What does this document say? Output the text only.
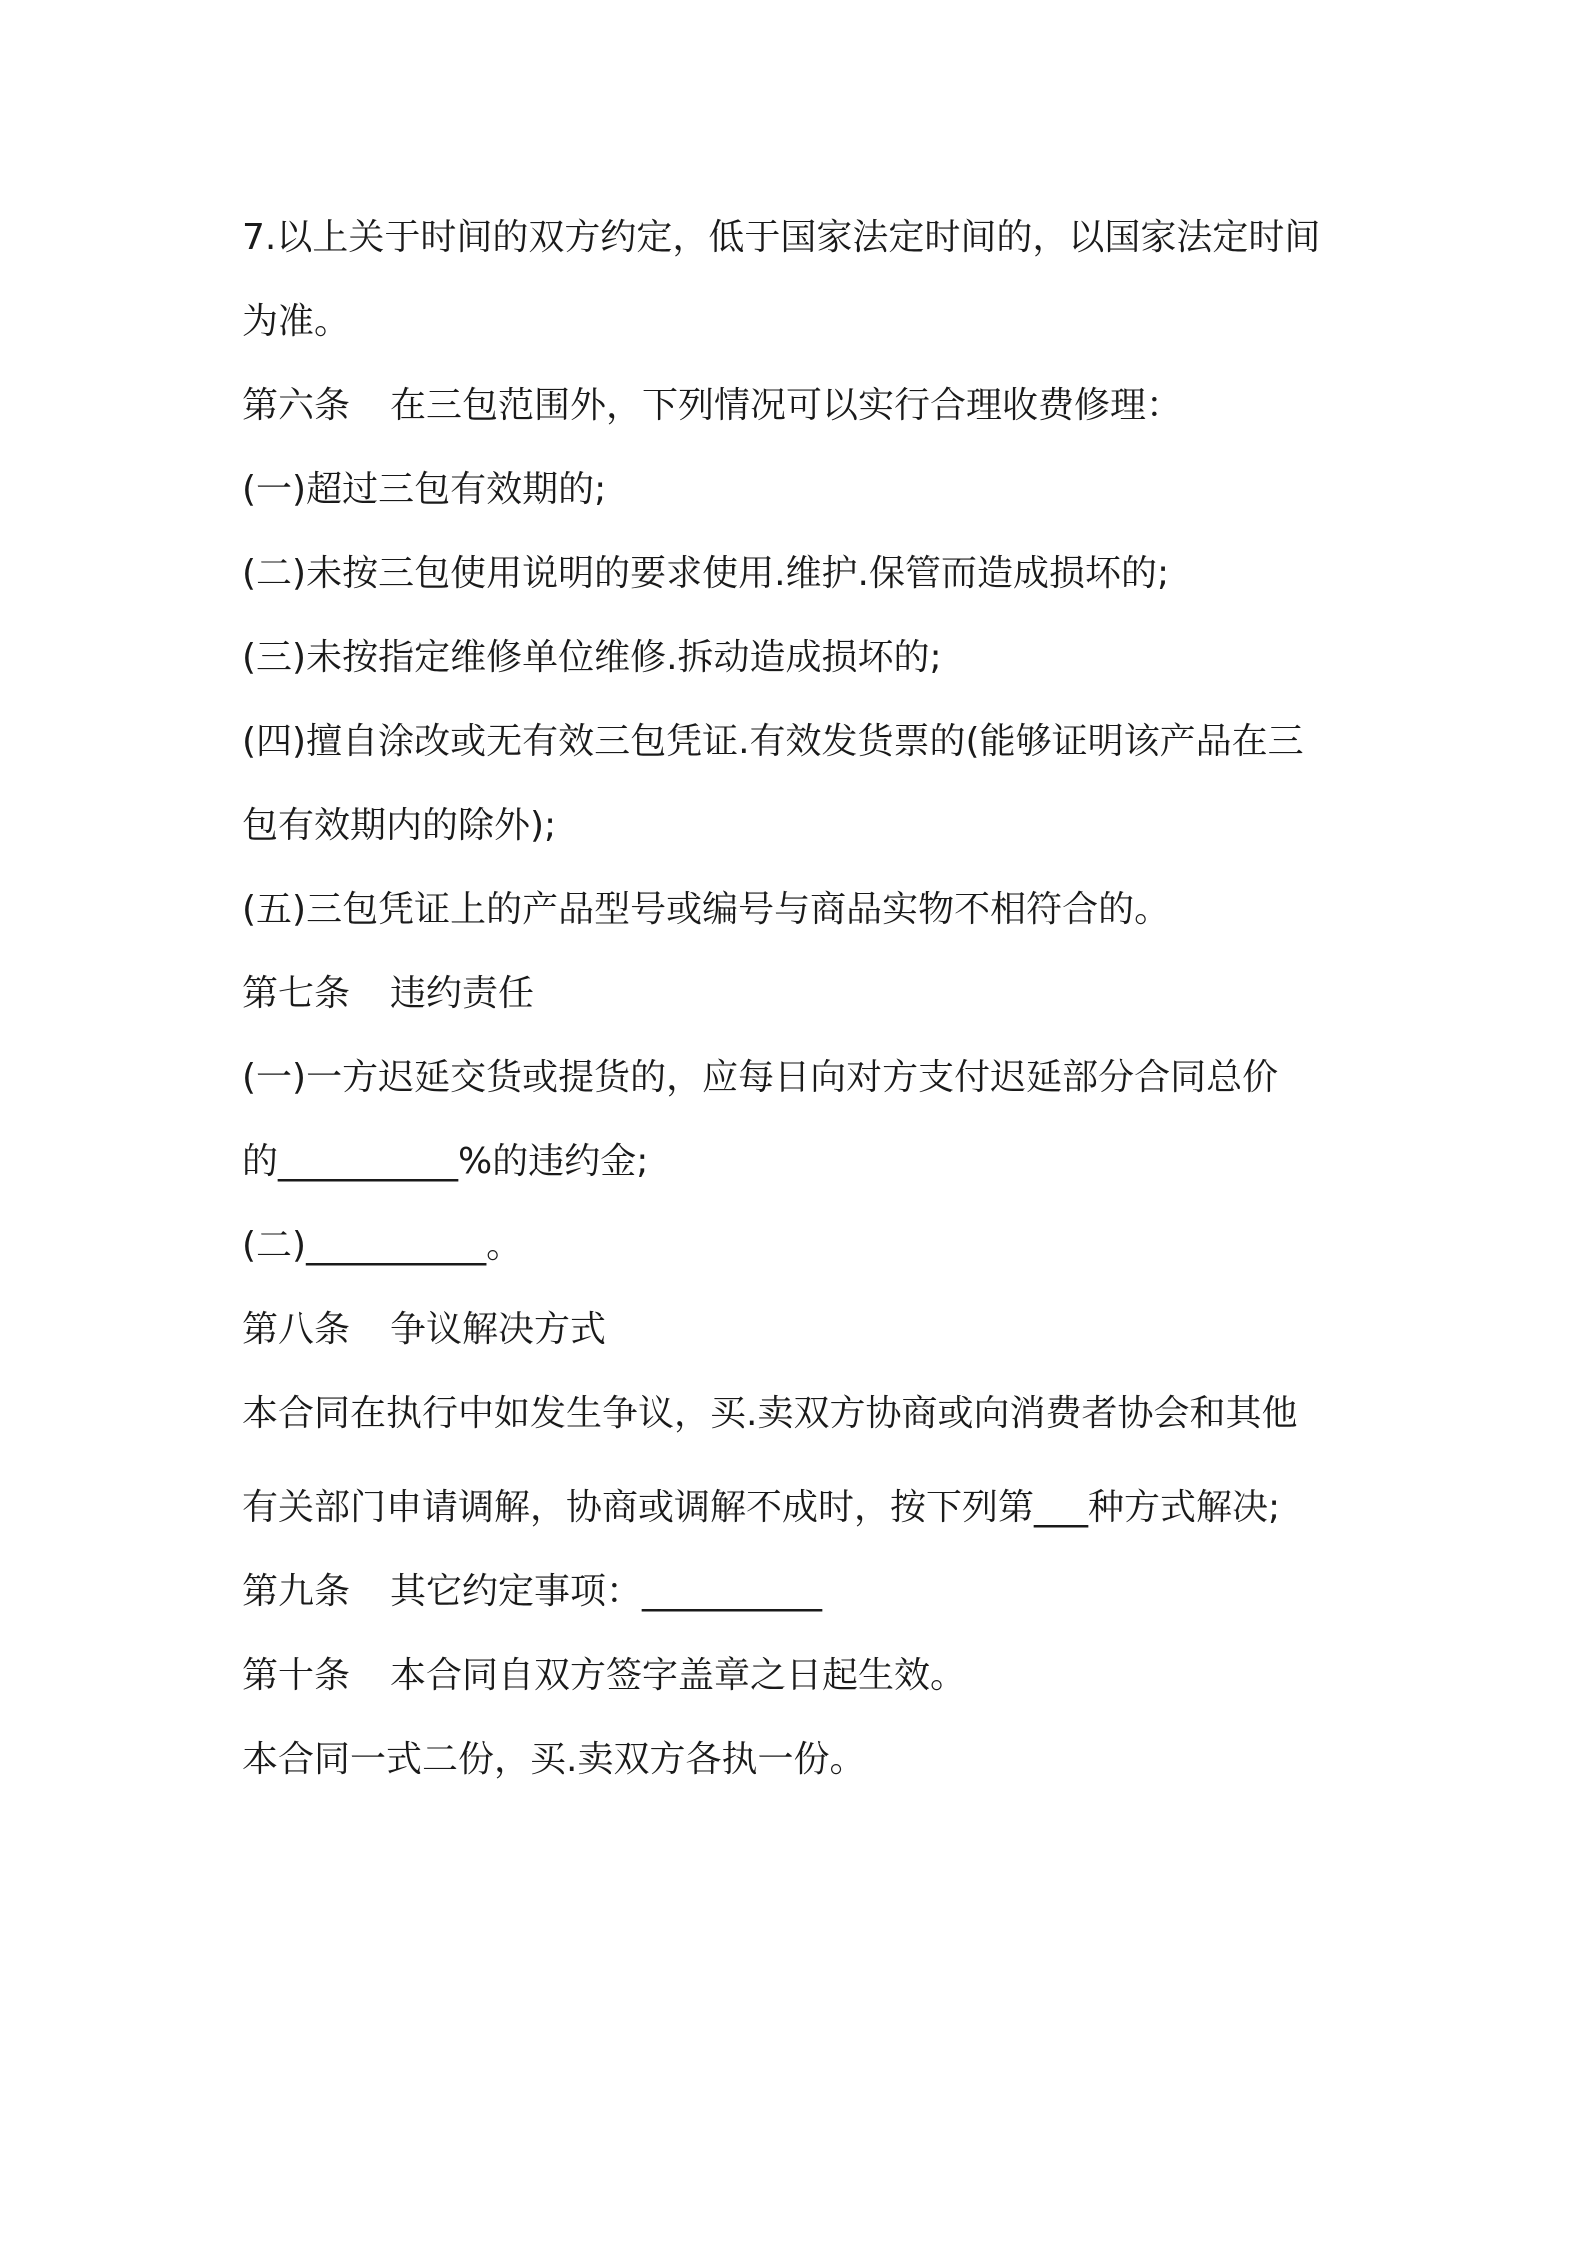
7.以上关于时间的双方约定，低于国家法定时间的，以国家法定时间
为准。
第六条 在三包范围外，下列情况可以实行合理收费修理：
(一)超过三包有效期的;
(二)未按三包使用说明的要求使用.维护.保管而造成损坏的;
(三)未按指定维修单位维修.拆动造成损坏的;
(四)擅自涂改或无有效三包凭证.有效发货票的(能够证明该产品在三
包有效期内的除外);
(五)三包凭证上的产品型号或编号与商品实物不相符合的。
第七条 违约责任
(一)一方迟延交货或提货的，应每日向对方支付迟延部分合同总价
的__________%的违约金;
(二)__________。
第八条 争议解决方式
本合同在执行中如发生争议，买.卖双方协商或向消费者协会和其他
有关部门申请调解，协商或调解不成时，按下列第___种方式解决;
第九条 其它约定事项：__________
第十条 本合同自双方签字盖章之日起生效。
本合同一式二份，买.卖双方各执一份。
